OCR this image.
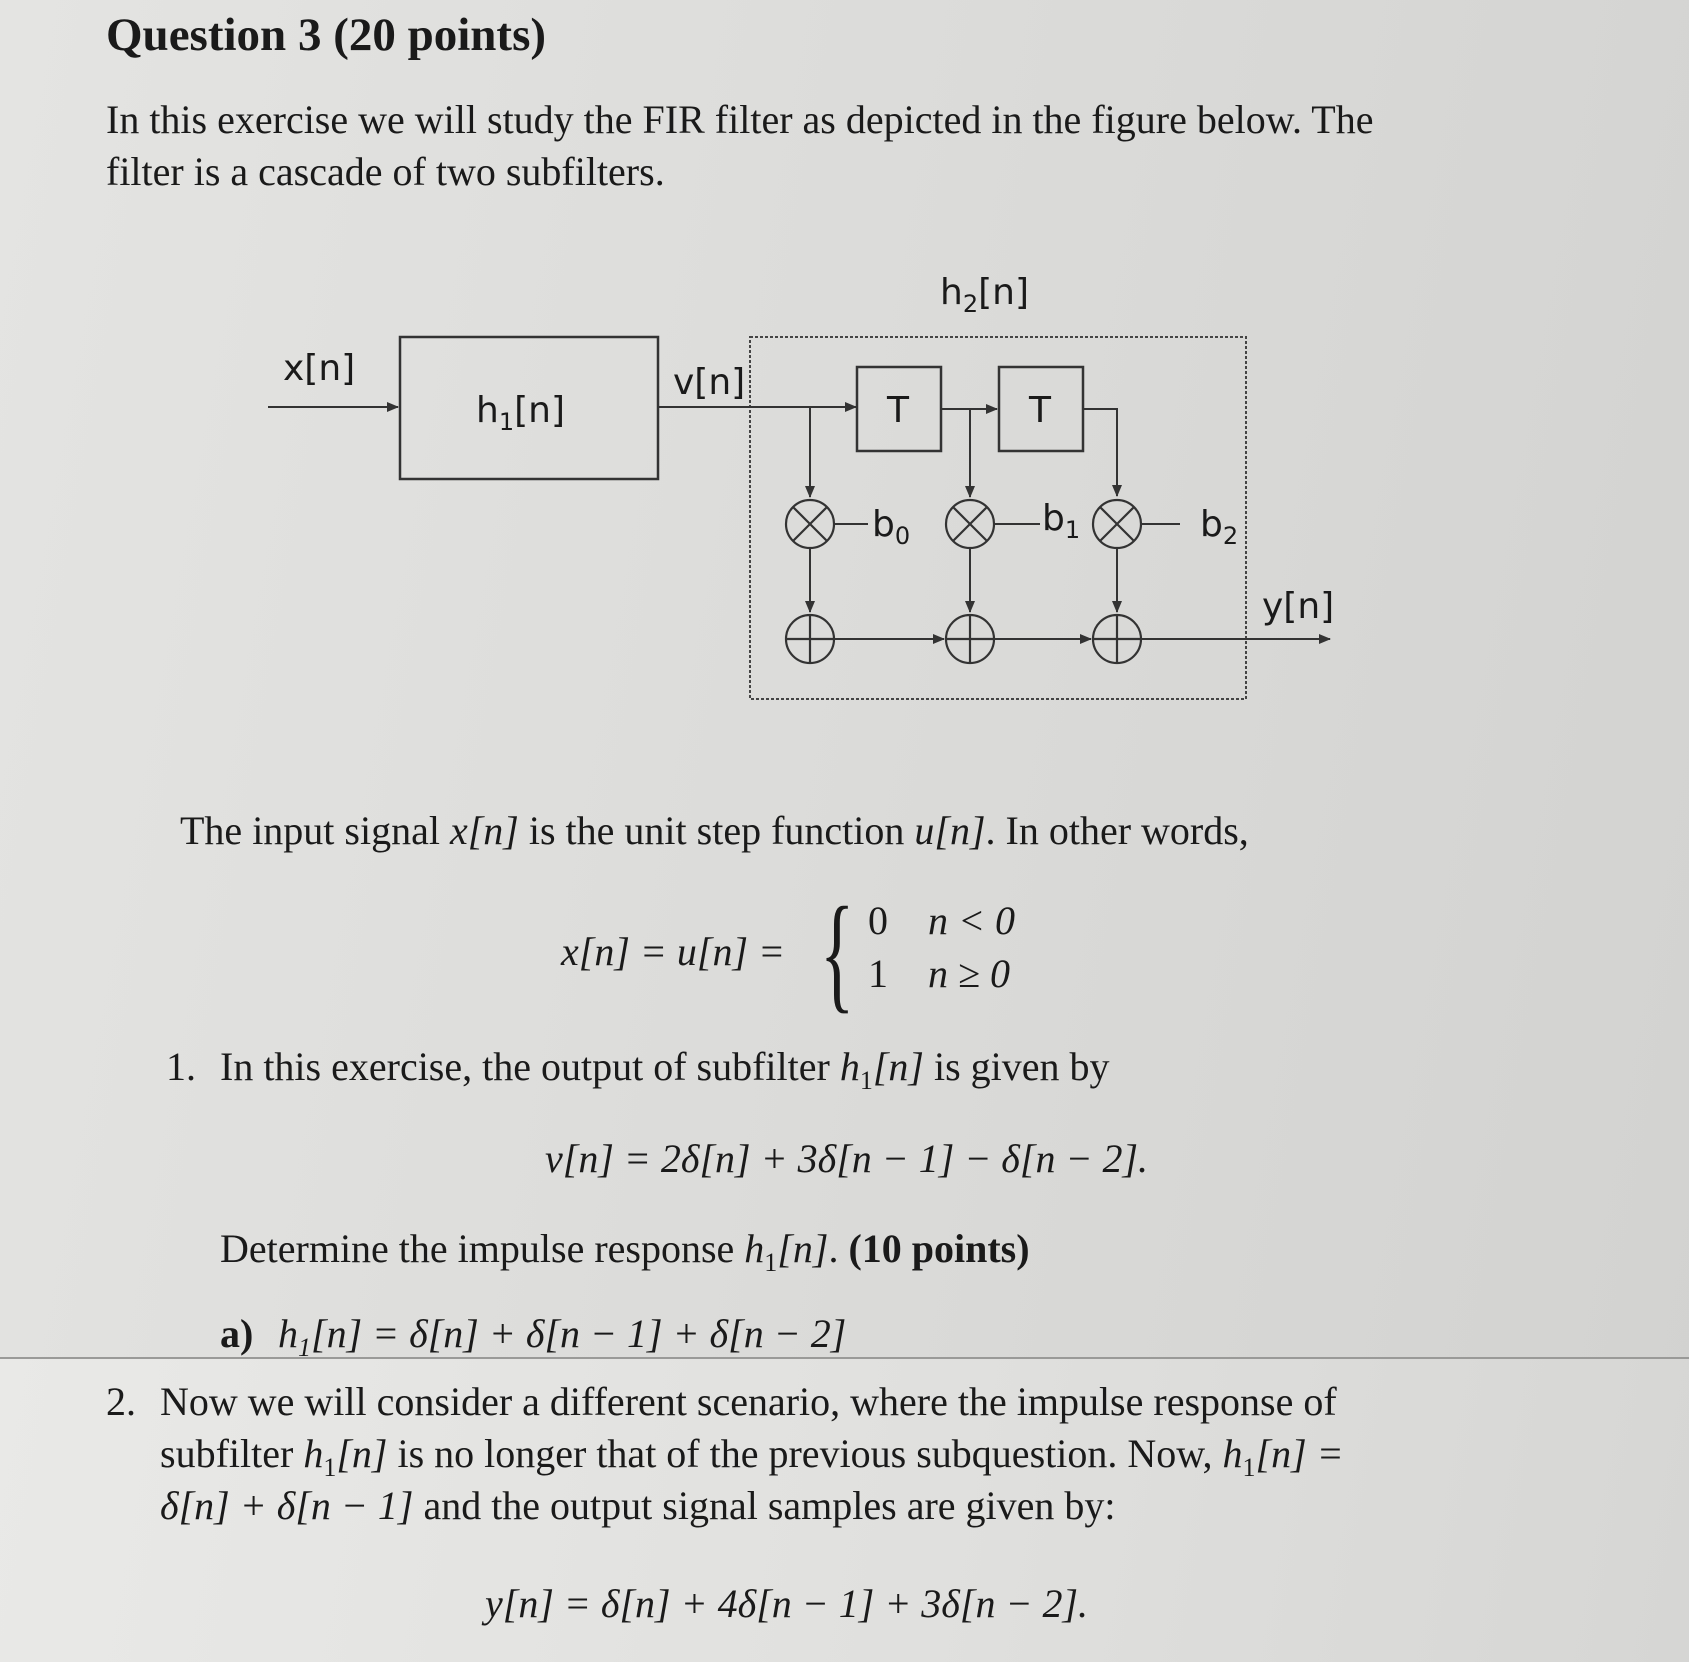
Question 3 (20 points)
In this exercise we will study the FIR filter as depicted in the figure below. The
filter is a cascade of two subfilters.
$h_2[n]$
x[n]
$h_1[n]$
v[n]
T	T
$b_0$	$b_1$	$b_2$
y[n]
The input signal x[n] is the unit step function u[n]. In other words,
x[n] = u[n] = { 0 n < 0
1 n ≥ 0
1. In this exercise, the output of subfilter $h_1[n]$ is given by
v[n] = 2δ[n] + 3δ[n − 1] − δ[n − 2].
Determine the impulse response $h_1[n]$. (10 points)
a) $h_1[n] = \delta[n] + \delta[n - 1] + \delta[n - 2]$
2. Now we will consider a different scenario, where the impulse response of
subfilter $h_1[n]$ is no longer that of the previous subquestion. Now, $h_1[n]$ =
δ[n] + δ[n − 1] and the output signal samples are given by:
y[n] = δ[n] + 4δ[n − 1] + 3δ[n − 2].
